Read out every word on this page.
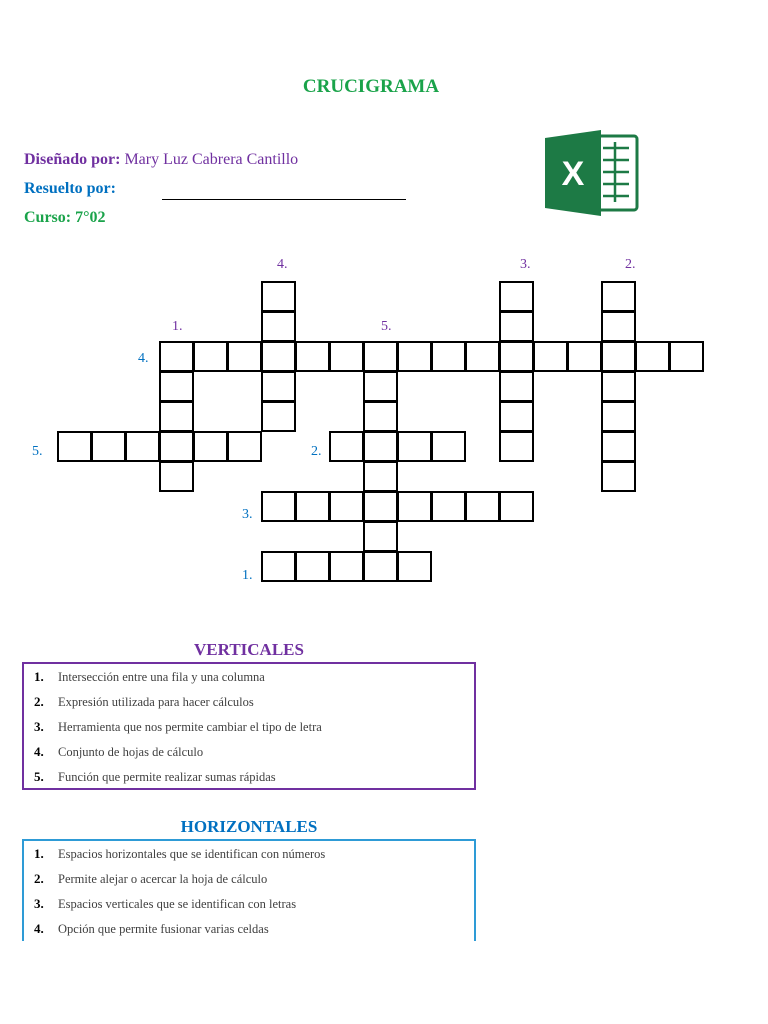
CRUCIGRAMA
Diseñado por: Mary Luz Cabrera Cantillo
Resuelto por:
Curso: 7°02
X
4.	3.	2.
1.	5.
4.
5.	2.
3.
1.
VERTICALES
1. Intersección entre una fila y una columna
2. Expresión utilizada para hacer cálculos
3. Herramienta que nos permite cambiar el tipo de letra
4. Conjunto de hojas de cálculo
5. Función que permite realizar sumas rápidas
HORIZONTALES
1. Espacios horizontales que se identifican con números
2. Permite alejar o acercar la hoja de cálculo
3. Espacios verticales que se identifican con letras
4. Opción que permite fusionar varias celdas
